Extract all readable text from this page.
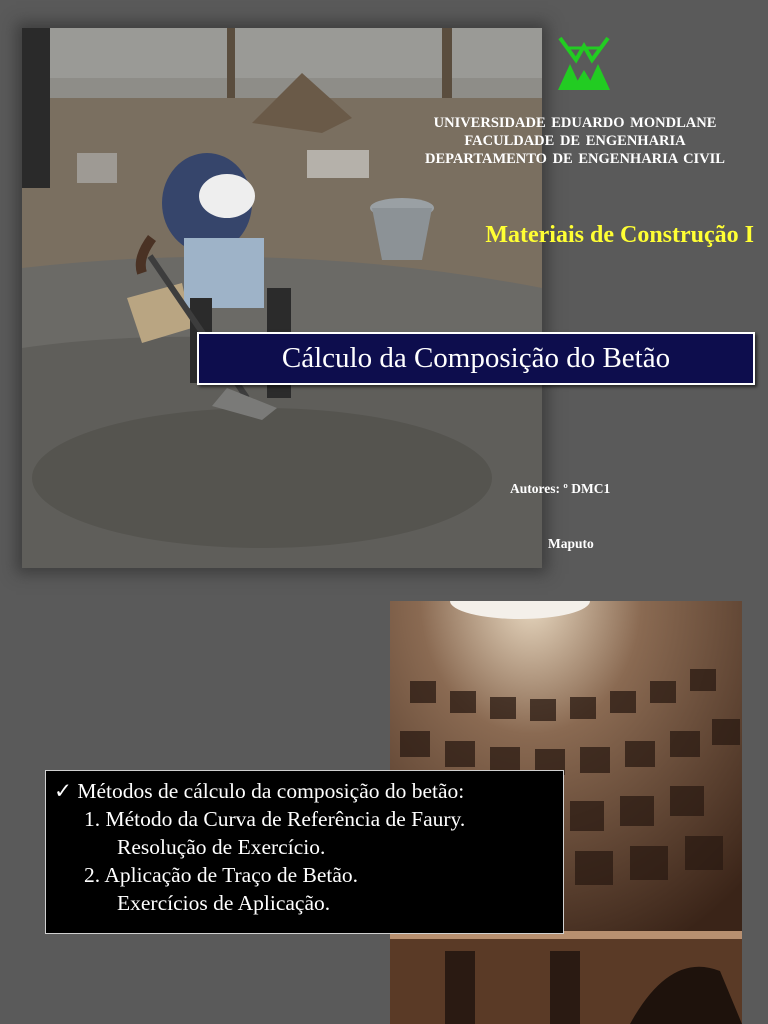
UNIVERSIDADE EDUARDO MONDLANE
FACULDADE DE ENGENHARIA
DEPARTAMENTO DE ENGENHARIA CIVIL
Materiais de Construção I
Cálculo da Composição do Betão
Autores: º DMC1
Maputo
✓ Métodos de cálculo da composição do betão:
1. Método da Curva de Referência de Faury.
Resolução de Exercício.
2. Aplicação de Traço de Betão.
Exercícios de Aplicação.
